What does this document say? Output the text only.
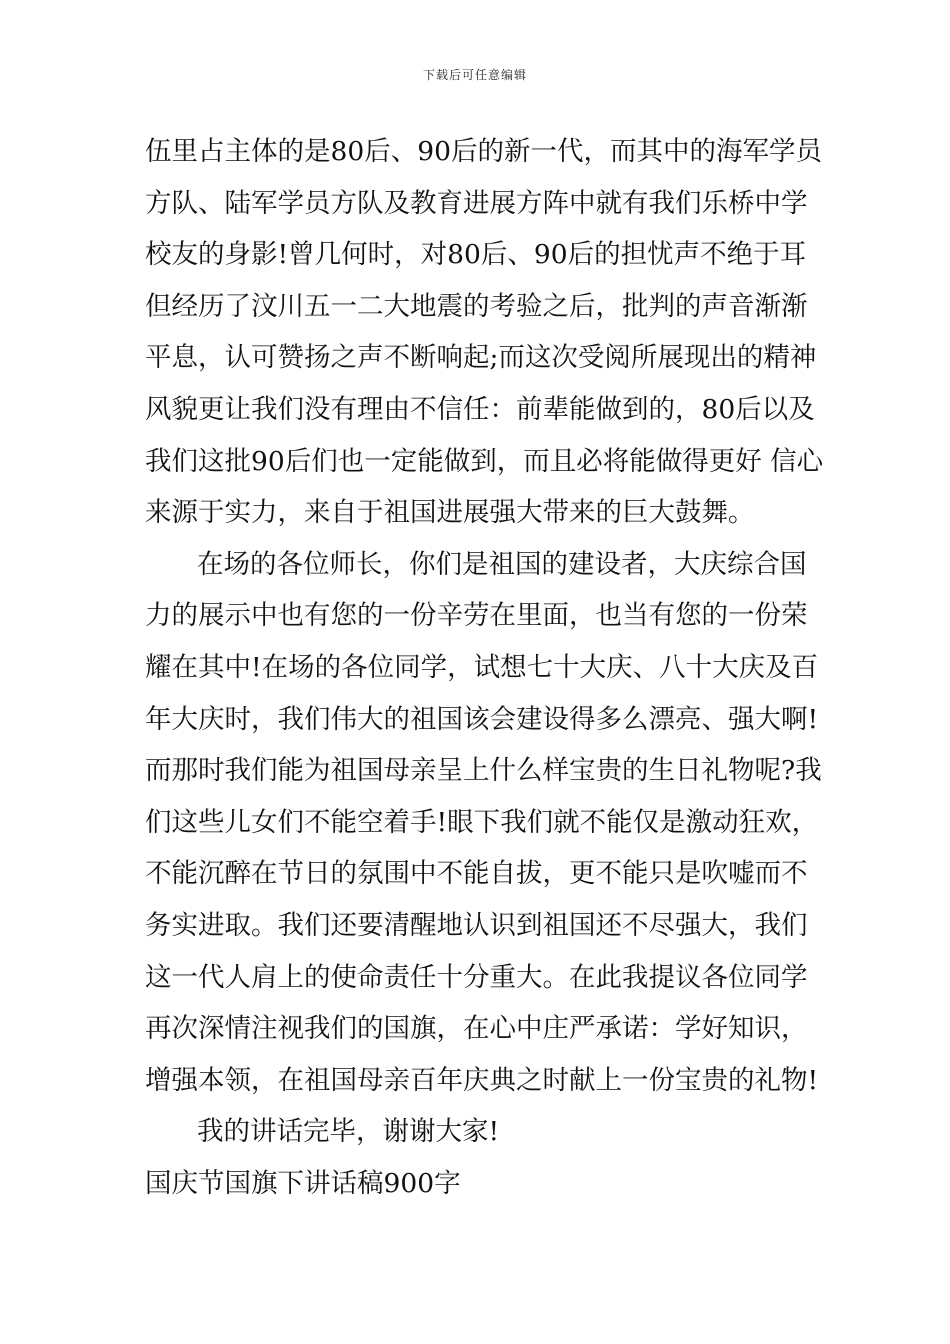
下载后可任意编辑
伍里占主体的是80后、90后的新一代，而其中的海军学员
方队、陆军学员方队及教育进展方阵中就有我们乐桥中学
校友的身影!曾几何时，对80后、90后的担忧声不绝于耳
但经历了汶川五一二大地震的考验之后，批判的声音渐渐
平息，认可赞扬之声不断响起;而这次受阅所展现出的精神
风貌更让我们没有理由不信任：前辈能做到的，80后以及
我们这批90后们也一定能做到，而且必将能做得更好 信心
来源于实力，来自于祖国进展强大带来的巨大鼓舞。
在场的各位师长，你们是祖国的建设者，大庆综合国
力的展示中也有您的一份辛劳在里面，也当有您的一份荣
耀在其中!在场的各位同学，试想七十大庆、八十大庆及百
年大庆时，我们伟大的祖国该会建设得多么漂亮、强大啊!
而那时我们能为祖国母亲呈上什么样宝贵的生日礼物呢?我
们这些儿女们不能空着手!眼下我们就不能仅是激动狂欢，
不能沉醉在节日的氛围中不能自拔，更不能只是吹嘘而不
务实进取。我们还要清醒地认识到祖国还不尽强大，我们
这一代人肩上的使命责任十分重大。在此我提议各位同学
再次深情注视我们的国旗，在心中庄严承诺：学好知识，
增强本领，在祖国母亲百年庆典之时献上一份宝贵的礼物!
我的讲话完毕，谢谢大家!
国庆节国旗下讲话稿900字
